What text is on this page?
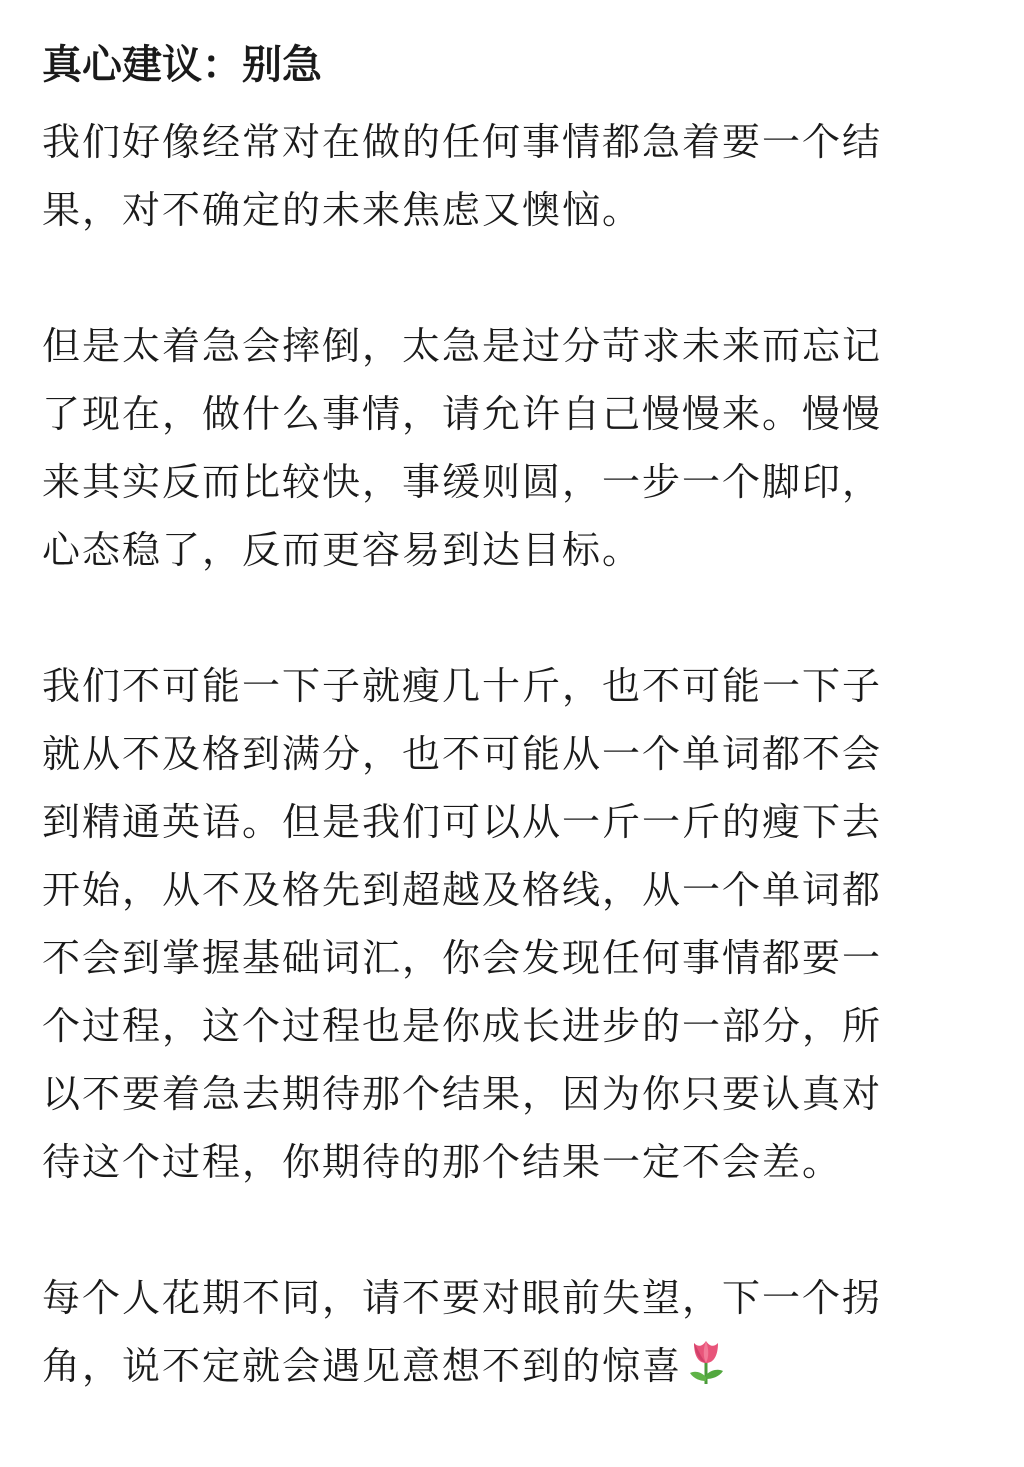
真心建议：别急

我们好像经常对在做的任何事情都急着要一个结
果，对不确定的未来焦虑又懊恼。

但是太着急会摔倒，太急是过分苛求未来而忘记
了现在，做什么事情，请允许自己慢慢来。慢慢
来其实反而比较快，事缓则圆，一步一个脚印，
心态稳了，反而更容易到达目标。

我们不可能一下子就瘦几十斤，也不可能一下子
就从不及格到满分，也不可能从一个单词都不会
到精通英语。但是我们可以从一斤一斤的瘦下去
开始，从不及格先到超越及格线，从一个单词都
不会到掌握基础词汇，你会发现任何事情都要一
个过程，这个过程也是你成长进步的一部分，所
以不要着急去期待那个结果，因为你只要认真对
待这个过程，你期待的那个结果一定不会差。

每个人花期不同，请不要对眼前失望，下一个拐
角，说不定就会遇见意想不到的惊喜
